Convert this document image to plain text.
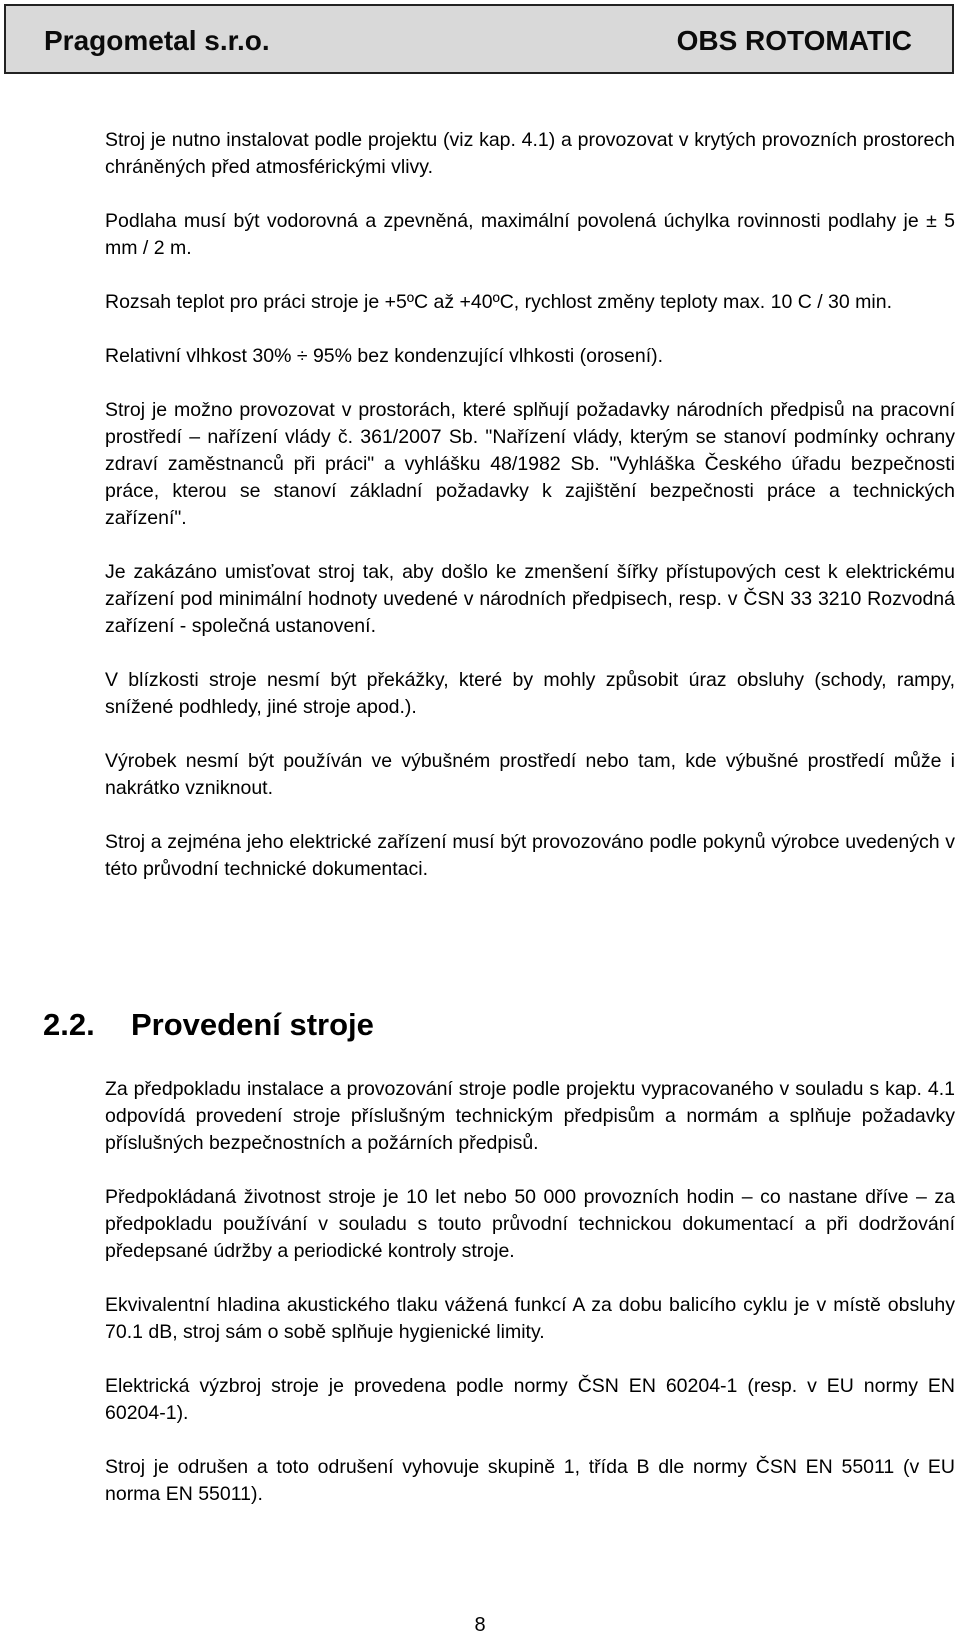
Pragometal s.r.o.	OBS ROTOMATIC

Stroj je nutno instalovat podle projektu (viz kap. 4.1) a provozovat v krytých provozních prostorech chráněných před atmosférickými vlivy.

Podlaha musí být vodorovná a zpevněná, maximální povolená úchylka rovinnosti podlahy je ± 5 mm / 2 m.

Rozsah teplot pro práci stroje je +5ºC až +40ºC, rychlost změny teploty max. 10 C / 30 min.

Relativní vlhkost 30% ÷ 95% bez kondenzující vlhkosti (orosení).

Stroj je možno provozovat v prostorách, které splňují požadavky národních předpisů na pracovní prostředí – nařízení vlády č. 361/2007 Sb. "Nařízení vlády, kterým se stanoví podmínky ochrany zdraví zaměstnanců při práci" a vyhlášku 48/1982 Sb. "Vyhláška Českého úřadu bezpečnosti práce, kterou se stanoví základní požadavky k zajištění bezpečnosti práce a technických zařízení".

Je zakázáno umisťovat stroj tak, aby došlo ke zmenšení šířky přístupových cest k elektrickému zařízení pod minimální hodnoty uvedené v národních předpisech, resp. v ČSN 33 3210 Rozvodná zařízení - společná ustanovení.

V blízkosti stroje nesmí být překážky, které by mohly způsobit úraz obsluhy (schody, rampy, snížené podhledy, jiné stroje apod.).

Výrobek nesmí být používán ve výbušném prostředí nebo tam, kde výbušné prostředí může i nakrátko vzniknout.

Stroj a zejména jeho elektrické zařízení musí být provozováno podle pokynů výrobce uvedených v této průvodní technické dokumentaci.

2.2. Provedení stroje

Za předpokladu instalace a provozování stroje podle projektu vypracovaného v souladu s kap. 4.1 odpovídá provedení stroje příslušným technickým předpisům a normám a splňuje požadavky příslušných bezpečnostních a požárních předpisů.

Předpokládaná životnost stroje je 10 let nebo 50 000 provozních hodin – co nastane dříve – za předpokladu používání v souladu s touto průvodní technickou dokumentací a při dodržování předepsané údržby a periodické kontroly stroje.

Ekvivalentní hladina akustického tlaku vážená funkcí A za dobu balicího cyklu je v místě obsluhy 70.1 dB, stroj sám o sobě splňuje hygienické limity.

Elektrická výzbroj stroje je provedena podle normy ČSN EN 60204-1 (resp. v EU normy EN 60204-1).

Stroj je odrušen a toto odrušení vyhovuje skupině 1, třída B dle normy ČSN EN 55011 (v EU norma EN 55011).

8
